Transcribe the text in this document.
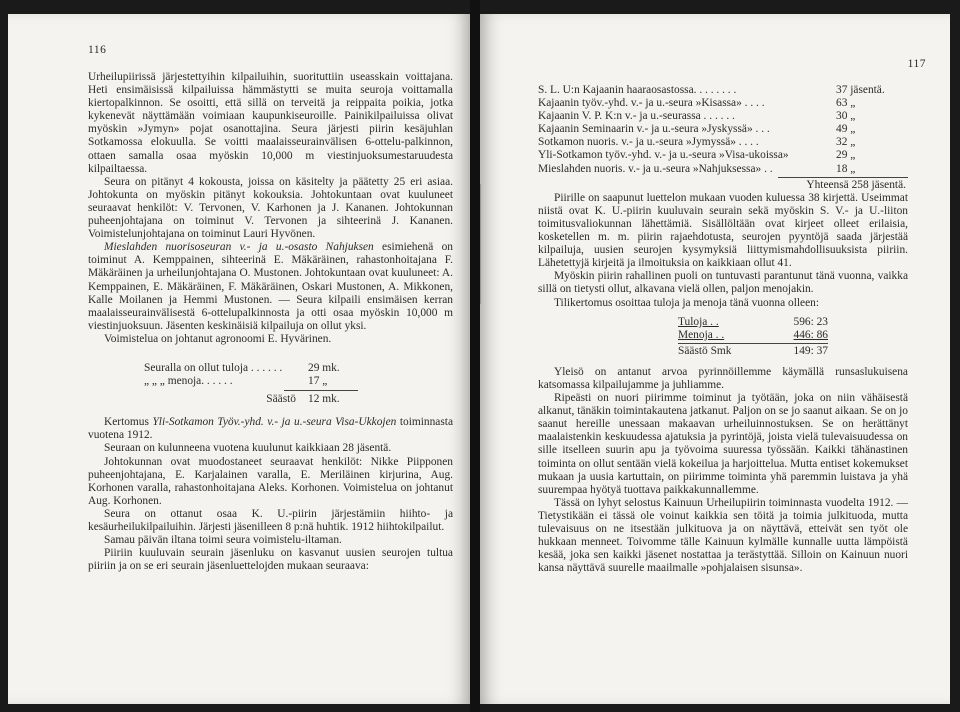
116

Urheilupiirissä järjestettyihin kilpailuihin, suorituttiin useasskain voittajana. Heti ensimäisissä kilpailuissa hämmästytti se muita seuroja voittamalla kiertopalkinnon. Se osoitti, että sillä on terveitä ja reippaita poikia, jotka kykenevät näyttämään voimiaan kaupunkiseuroille. Painikilpailuissa olivat myöskin »Jymyn» pojat osanottajina. Seura järjesti piirin kesäjuhlan Sotkamossa elokuulla. Se voitti maalaisseurainvälisen 6-ottelu-palkinnon, ottaen samalla osaa myöskin 10,000 m viestinjuoksumestaruudesta kilpailtaessa.

Seura on pitänyt 4 kokousta, joissa on käsitelty ja päätetty 25 eri asiaa. Johtokunta on myöskin pitänyt kokouksia. Johtokuntaan ovat kuuluneet seuraavat henkilöt: V. Tervonen, V. Karhonen ja J. Kananen. Johtokunnan puheenjohtajana on toiminut V. Tervonen ja sihteerinä J. Kananen. Voimistelunjohtajana on toiminut Lauri Hyvönen.

Mieslahden nuorisoseuran v.- ja u.-osasto Nahjuksen esimiehenä on toiminut A. Kemppainen, sihteerinä E. Mäkäräinen, rahastonhoitajana F. Mäkäräinen ja urheilunjohtajana O. Mustonen. Johtokuntaan ovat kuuluneet: A. Kemppainen, E. Mäkäräinen, F. Mäkäräinen, Oskari Mustonen, A. Mikkonen, Kalle Moilanen ja Hemmi Mustonen. — Seura kilpaili ensimäisen kerran maalaisseurainvälisestä 6-ottelupalkinnosta ja otti osaa myöskin 10,000 m viestinjuoksuun. Jäsenten keskinäisiä kilpailuja on ollut yksi.

Voimistelua on johtanut agronoomi E. Hyvärinen.

Seuralla on ollut tuloja . . . . . .	29 mk.
„ „ „ menoja. . . . . .	17 „
Säästö	12 mk.

Kertomus Yli-Sotkamon Työv.-yhd. v.- ja u.-seura Visa-Ukkojen toiminnasta vuotena 1912.

Seuraan on kulunneena vuotena kuulunut kaikkiaan 28 jäsentä.

Johtokunnan ovat muodostaneet seuraavat henkilöt: Nikke Piipponen puheenjohtajana, E. Karjalainen varalla, E. Meriläinen kirjurina, Aug. Korhonen varalla, rahastonhoitajana Aleks. Korhonen. Voimistelua on johtanut Aug. Korhonen.

Seura on ottanut osaa K. U.-piirin järjestämiin hiihto- ja kesäurheilukilpailuihin. Järjesti jäsenilleen 8 p:nä huhtik. 1912 hiihtokilpailut.

Samau päivän iltana toimi seura voimistelu-iltaman.

Piiriin kuuluvain seurain jäsenluku on kasvanut uusien seurojen tultua piiriin ja on se eri seurain jäsenluettelojden mukaan seuraava:

117
S. L. U:n Kajaanin haaraosastossa. . . . . . . .	37 jäsentä.
Kajaanin työv.-yhd. v.- ja u.-seura »Kisassa» . . . .	63 „
Kajaanin V. P. K:n v.- ja u.-seurassa . . . . . .	30 „
Kajaanin Seminaarin v.- ja u.-seura »Jyskyssä» . . .	49 „
Sotkamon nuoris. v.- ja u.-seura »Jymyssä» . . . .	32 „
Yli-Sotkamon työv.-yhd. v.- ja u.-seura »Visa-ukoissa»	29 „
Mieslahden nuoris. v.- ja u.-seura »Nahjuksessa» . .	18 „
Yhteensä 258 jäsentä.

Piirille on saapunut luettelon mukaan vuoden kuluessa 38 kirjettä. Useimmat niistä ovat K. U.-piirin kuuluvain seurain sekä myöskin S. V.- ja U.-liiton toimitusvaliokunnan lähettämiä. Sisällöltään ovat kirjeet olleet erilaisia, kosketellen m. m. piirin rajaehdotusta, seurojen pyyntöjä saada järjestää kilpailuja, uusien seurojen kysymyksiä liittymismahdollisuuksista piiriin. Lähetettyjä kirjeitä ja ilmoituksia on kaikkiaan ollut 41.

Myöskin piirin rahallinen puoli on tuntuvasti parantunut tänä vuonna, vaikka sillä on tietysti ollut, alkavana vielä ollen, paljon menojakin.

Tilikertomus osoittaa tuloja ja menoja tänä vuonna olleen:

Tuloja . .	596: 23
Menoja . .	446: 86
Säästö Smk	149: 37

Yleisö on antanut arvoa pyrinnöillemme käymällä runsaslukuisena katsomassa kilpailujamme ja juhliamme.

Ripeästi on nuori piirimme toiminut ja työtään, joka on niin vähäisestä alkanut, tänäkin toimintakautena jatkanut. Paljon on se jo saanut aikaan. Se on jo saanut hereille unessaan makaavan urheiluinnostuksen. Se on herättänyt maalaistenkin keskuudessa ajatuksia ja pyrintöjä, joista vielä tulevaisuudessa on sille itselleen suurin apu ja työvoima suuressa työssään. Kaikki tähänastinen toiminta on ollut sentään vielä kokeiluа ja harjoittelua. Mutta entiset kokemukset mukaan ja uusia kartuttain, on piirimme toiminta yhä paremmin luistava ja yhä suurempaa hyötyä tuottava paikkakunnallemme.

Tässä on lyhyt selostus Kainuun Urheilupiirin toiminnasta vuodelta 1912. — Tietystikään ei tässä ole voinut kaikkia sen töitä ja toimia julkituoda, mutta tulevaisuus on ne itsestään julkituova ja on näyttävä, etteivät sen työt ole hukkaan menneet. Toivomme tälle Kainuun kylmälle kunnalle uutta lämpöistä kesää, joka sen kaikki jäsenet nostattaa ja terästyttää. Silloin on Kainuun nuori kansa näyttävä suurelle maailmalle »pohjalaisen sisunsa».
